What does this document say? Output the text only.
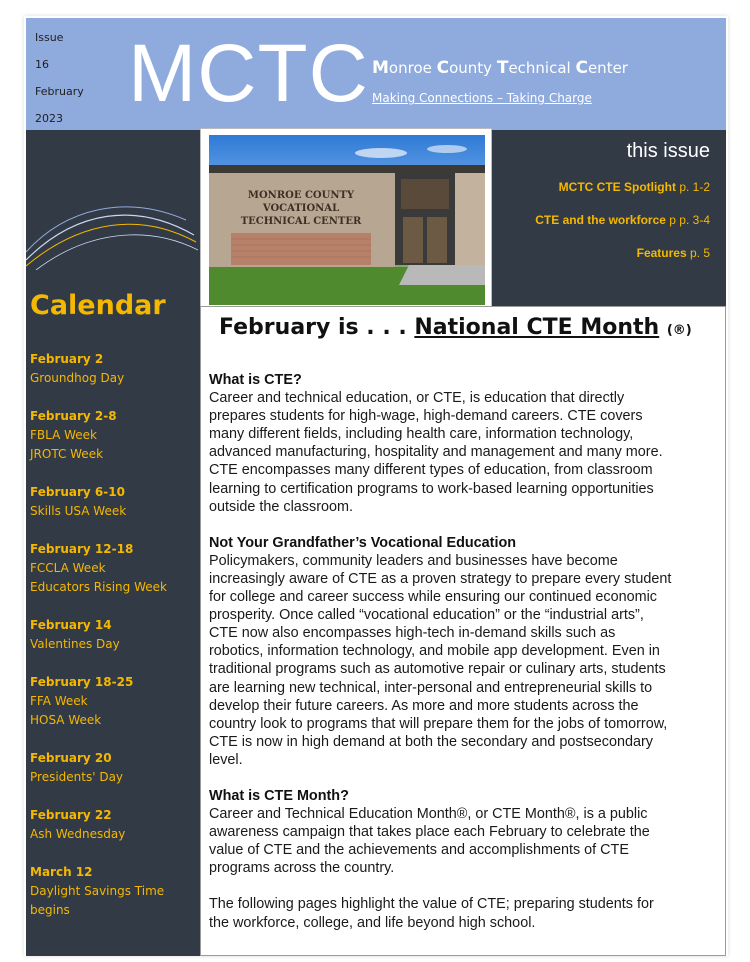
Issue
16
February
2023 MCTC Monroe County Technical Center
Making Connections – Taking Charge
Calendar
February 2
Groundhog Day
February 2-8
FBLA Week
JROTC Week
February 6-10
Skills USA Week
February 12-18
FCCLA Week
Educators Rising Week
February 14
Valentines Day
February 18-25
FFA Week
HOSA Week
February 20
Presidents' Day
February 22
Ash Wednesday
March 12
Daylight Savings Time
begins
this issue
MCTC CTE Spotlight p. 1-2
CTE and the workforce p p. 3-4
Features p. 5
MONROE COUNTY
VOCATIONAL
TECHNICAL CENTER
February is . . . National CTE Month (®)
What is CTE?

Career and technical education, or CTE, is education that directly

prepares students for high-wage, high-demand careers. CTE covers

many different fields, including health care, information technology,

advanced manufacturing, hospitality and management and many more.

CTE encompasses many different types of education, from classroom

learning to certification programs to work-based learning opportunities

outside the classroom.

Not Your Grandfather’s Vocational Education

Policymakers, community leaders and businesses have become

increasingly aware of CTE as a proven strategy to prepare every student

for college and career success while ensuring our continued economic

prosperity. Once called “vocational education” or the “industrial arts”,

CTE now also encompasses high-tech in-demand skills such as

robotics, information technology, and mobile app development. Even in

traditional programs such as automotive repair or culinary arts, students

are learning new technical, inter-personal and entrepreneurial skills to

develop their future careers. As more and more students across the

country look to programs that will prepare them for the jobs of tomorrow,

CTE is now in high demand at both the secondary and postsecondary

level.

What is CTE Month?

Career and Technical Education Month®, or CTE Month®, is a public

awareness campaign that takes place each February to celebrate the

value of CTE and the achievements and accomplishments of CTE

programs across the country.

The following pages highlight the value of CTE; preparing students for

the workforce, college, and life beyond high school.
